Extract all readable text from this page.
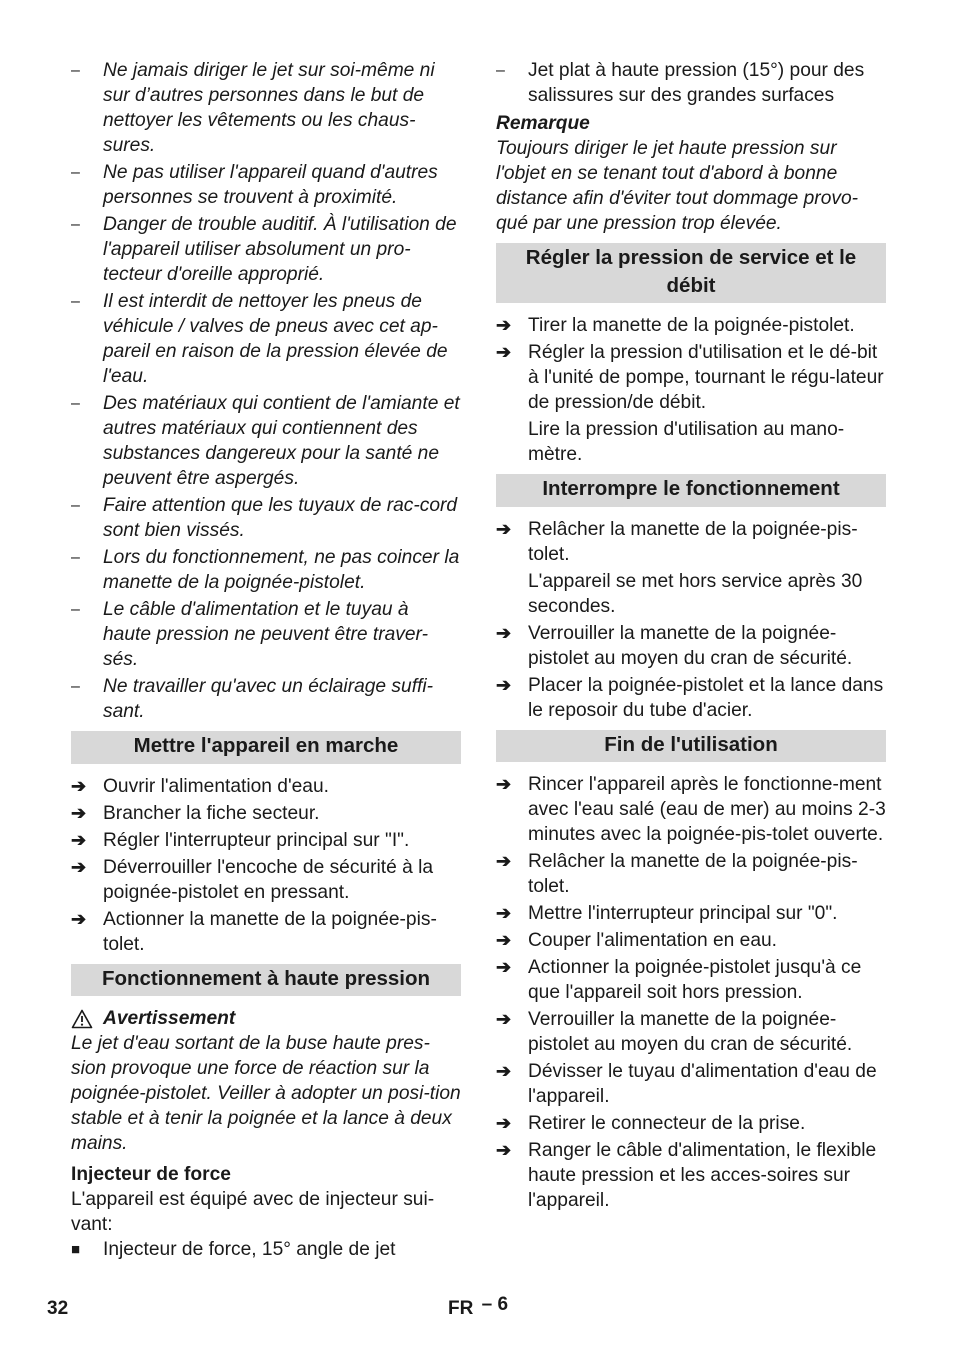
–	Ne jamais diriger le jet sur soi-même ni sur d’autres personnes dans le but de nettoyer les vêtements ou les chaus-sures.
–	Ne pas utiliser l'appareil quand d'autres personnes se trouvent à proximité.
–	Danger de trouble auditif. À l'utilisation de l'appareil utiliser absolument un pro-tecteur d'oreille approprié.
–	Il est interdit de nettoyer les pneus de véhicule / valves de pneus avec cet ap-pareil en raison de la pression élevée de l'eau.
–	Des matériaux qui contient de l'amiante et autres matériaux qui contiennent des substances dangereux pour la santé ne peuvent être aspergés.
–	Faire attention que les tuyaux de rac-cord sont bien vissés.
–	Lors du fonctionnement, ne pas coincer la manette de la poignée-pistolet.
–	Le câble d'alimentation et le tuyau à haute pression ne peuvent être traver-sés.
–	Ne travailler qu'avec un éclairage suffi-sant.
Mettre l'appareil en marche
➔ Ouvrir l'alimentation d'eau.
➔ Brancher la fiche secteur.
➔ Régler l'interrupteur principal sur "I".
➔ Déverrouiller l'encoche de sécurité à la poignée-pistolet en pressant.
➔ Actionner la manette de la poignée-pis-tolet.
Fonctionnement à haute pression
Avertissement
Le jet d'eau sortant de la buse haute pres-sion provoque une force de réaction sur la poignée-pistolet. Veiller à adopter un posi-tion stable et à tenir la poignée et la lance à deux mains.
Injecteur de force
L'appareil est équipé avec de injecteur sui-vant:
■	Injecteur de force, 15° angle de jet
–	Jet plat à haute pression (15°) pour des salissures sur des grandes surfaces
Remarque
Toujours diriger le jet haute pression sur l'objet en se tenant tout d'abord à bonne distance afin d'éviter tout dommage provo-qué par une pression trop élevée.
Régler la pression de service et le débit
➔ Tirer la manette de la poignée-pistolet.
➔ Régler la pression d'utilisation et le dé-bit à l'unité de pompe, tournant le régu-lateur de pression/de débit.
Lire la pression d'utilisation au mano-mètre.
Interrompre le fonctionnement
➔ Relâcher la manette de la poignée-pis-tolet.
L'appareil se met hors service après 30 secondes.
➔ Verrouiller la manette de la poignée-pistolet au moyen du cran de sécurité.
➔ Placer la poignée-pistolet et la lance dans le reposoir du tube d'acier.
Fin de l'utilisation
➔ Rincer l'appareil après le fonctionne-ment avec l'eau salé (eau de mer) au moins 2-3 minutes avec la poignée-pis-tolet ouverte.
➔ Relâcher la manette de la poignée-pis-tolet.
➔ Mettre l'interrupteur principal sur "0".
➔ Couper l'alimentation en eau.
➔ Actionner la poignée-pistolet jusqu'à ce que l'appareil soit hors pression.
➔ Verrouiller la manette de la poignée-pistolet au moyen du cran de sécurité.
➔ Dévisser le tuyau d'alimentation d'eau de l'appareil.
➔ Retirer le connecteur de la prise.
➔ Ranger le câble d'alimentation, le flexible haute pression et les acces-soires sur l'appareil.
32	FR – 6
